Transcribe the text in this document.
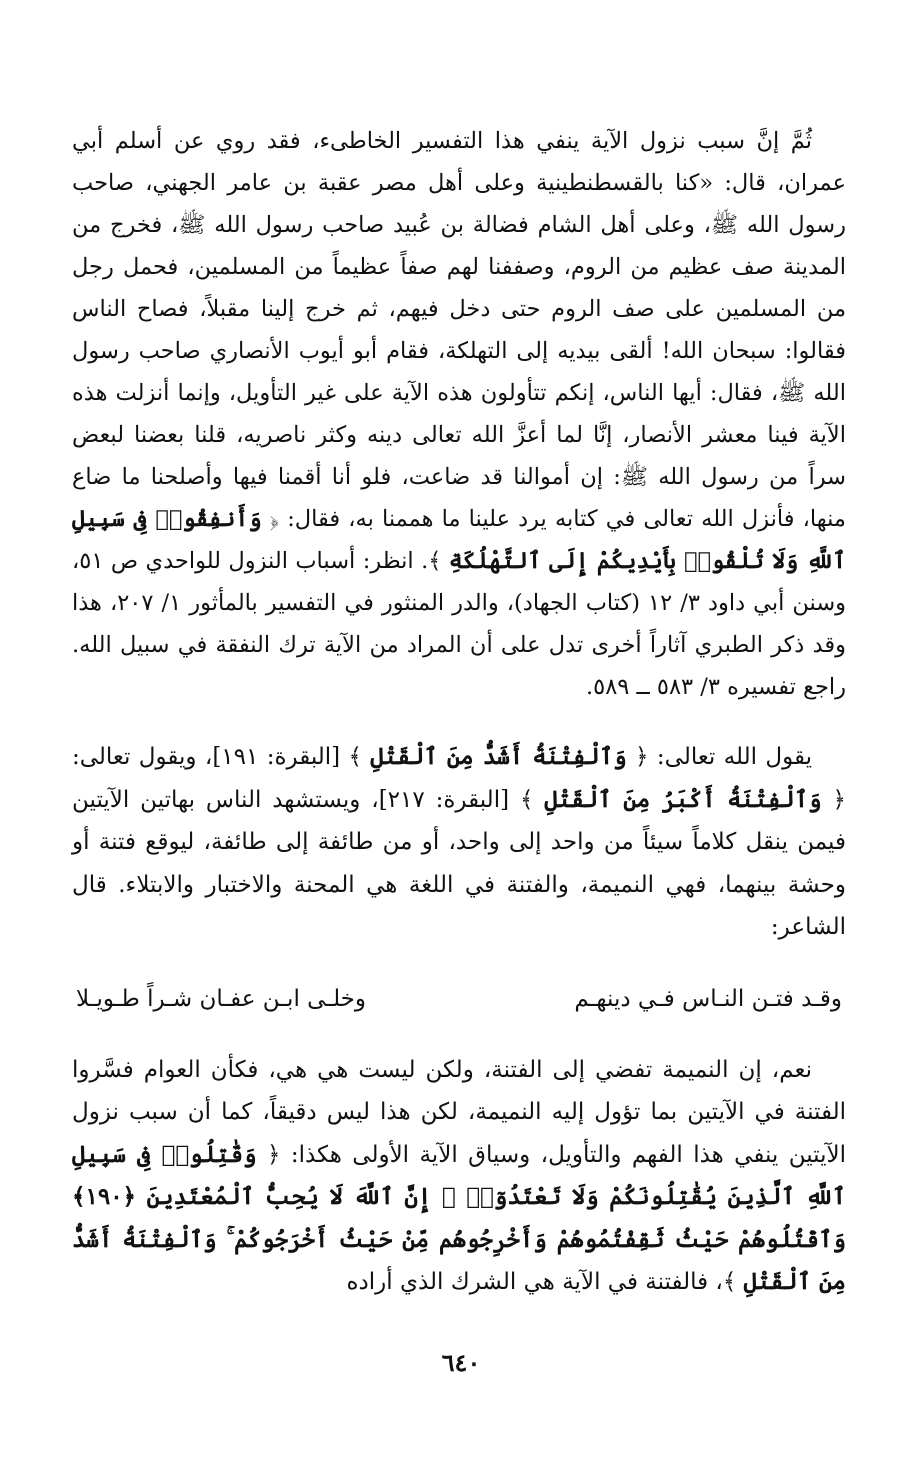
ثُمَّ إنَّ سبب نزول الآية ينفي هذا التفسير الخاطىء، فقد روي عن أسلم أبي عمران، قال: «كنا بالقسطنطينية وعلى أهل مصر عقبة بن عامر الجهني، صاحب رسول الله ﷺ، وعلى أهل الشام فضالة بن عُبيد صاحب رسول الله ﷺ، فخرج من المدينة صف عظيم من الروم، وصففنا لهم صفاً عظيماً من المسلمين، فحمل رجل من المسلمين على صف الروم حتى دخل فيهم، ثم خرج إلينا مقبلاً، فصاح الناس فقالوا: سبحان الله! ألقى بيديه إلى التهلكة، فقام أبو أيوب الأنصاري صاحب رسول الله ﷺ، فقال: أيها الناس، إنكم تتأولون هذه الآية على غير التأويل، وإنما أنزلت هذه الآية فينا معشر الأنصار، إنَّا لما أعزَّ الله تعالى دينه وكثر ناصريه، قلنا بعضنا لبعض سراً من رسول الله ﷺ: إن أموالنا قد ضاعت، فلو أنا أقمنا فيها وأصلحنا ما ضاع منها، فأنزل الله تعالى في كتابه يرد علينا ما هممنا به، فقال: ﴿ وَأَنفِقُوا۟ فِى سَبِيلِ ٱللَّهِ وَلَا تُلْقُوا۟ بِأَيْدِيكُمْ إِلَى ٱلتَّهْلُكَةِ ﴾. انظر: أسباب النزول للواحدي ص ٥١، وسنن أبي داود ٣/ ١٢ (كتاب الجهاد)، والدر المنثور في التفسير بالمأثور ١/ ٢٠٧، هذا وقد ذكر الطبري آثاراً أخرى تدل على أن المراد من الآية ترك النفقة في سبيل الله. راجع تفسيره ٣/ ٥٨٣ ــ ٥٨٩.

يقول الله تعالى: ﴿ وَٱلْفِتْنَةُ أَشَدُّ مِنَ ٱلْقَتْلِ ﴾ [البقرة: ١٩١]، ويقول تعالى: ﴿ وَٱلْفِتْنَةُ أَكْبَرُ مِنَ ٱلْقَتْلِ ﴾ [البقرة: ٢١٧]، ويستشهد الناس بهاتين الآيتين فيمن ينقل كلاماً سيئاً من واحد إلى واحد، أو من طائفة إلى طائفة، ليوقع فتنة أو وحشة بينهما، فهي النميمة، والفتنة في اللغة هي المحنة والاختبار والابتلاء. قال الشاعر:

وقـد فتـن النـاس فـي دينهـم
وخلـى ابـن عفـان شـراً طـويـلا

نعم، إن النميمة تفضي إلى الفتنة، ولكن ليست هي هي، فكأن العوام فسَّروا الفتنة في الآيتين بما تؤول إليه النميمة، لكن هذا ليس دقيقاً، كما أن سبب نزول الآيتين ينفي هذا الفهم والتأويل، وسياق الآية الأولى هكذا: ﴿ وَقَٰتِلُوا۟ فِى سَبِيلِ ٱللَّهِ ٱلَّذِينَ يُقَٰتِلُونَكُمْ وَلَا تَعْتَدُوٓا۟ ۚ إِنَّ ٱللَّهَ لَا يُحِبُّ ٱلْمُعْتَدِينَ ﴿١٩٠﴾ وَٱقْتُلُوهُمْ حَيْثُ ثَقِفْتُمُوهُمْ وَأَخْرِجُوهُم مِّنْ حَيْثُ أَخْرَجُوكُمْ ۚ وَٱلْفِتْنَةُ أَشَدُّ مِنَ ٱلْقَتْلِ ﴾، فالفتنة في الآية هي الشرك الذي أراده

٦٤٠
